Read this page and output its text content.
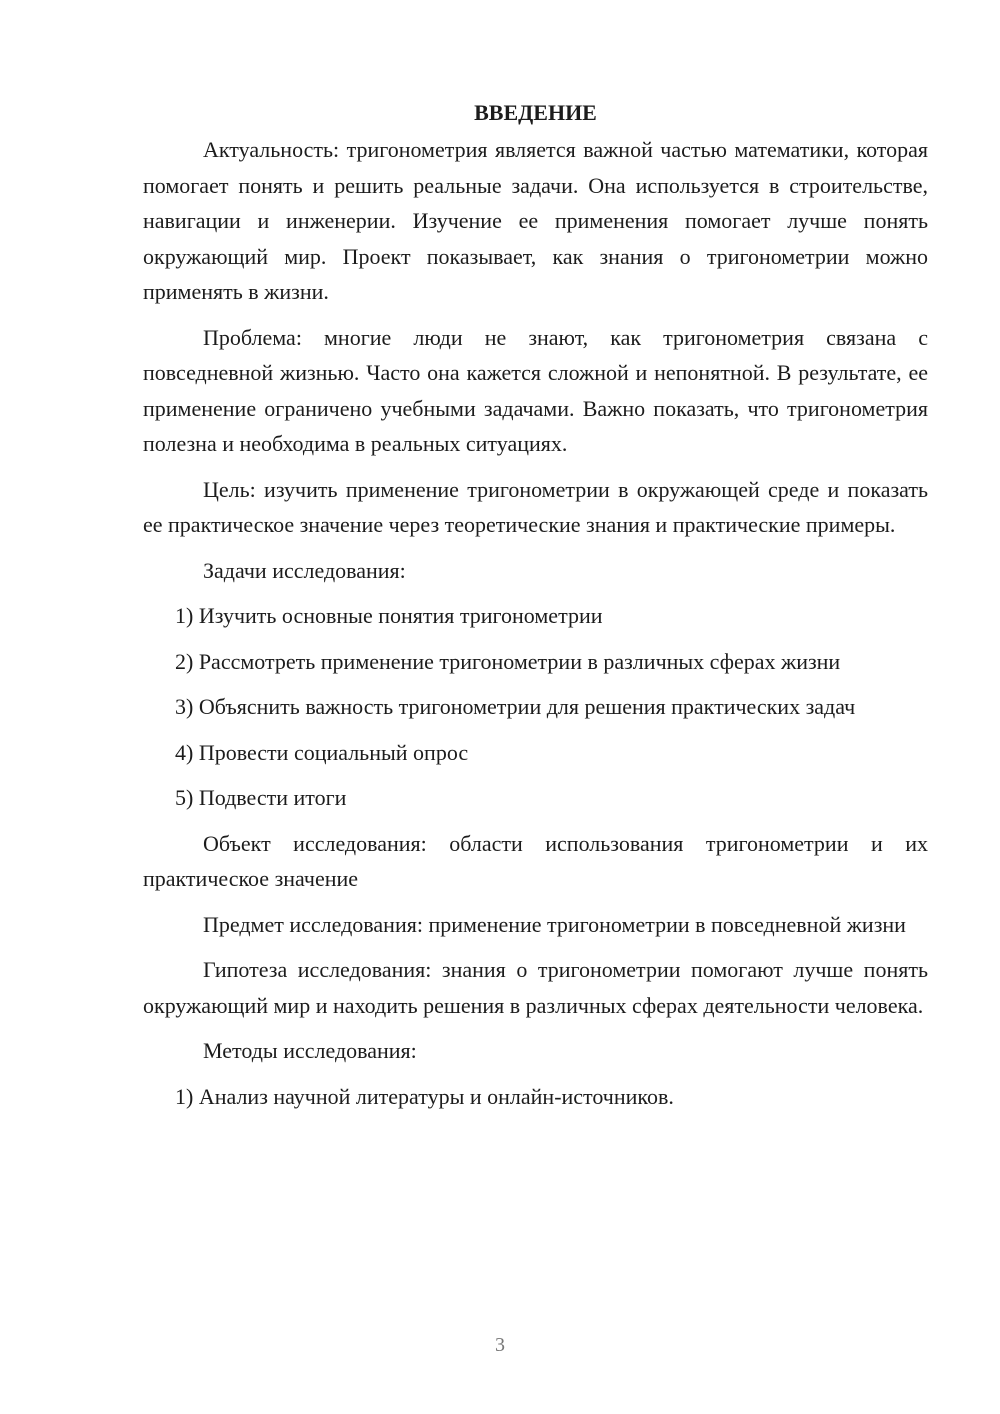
ВВЕДЕНИЕ

Актуальность: тригонометрия является важной частью математики, которая помогает понять и решить реальные задачи. Она используется в строительстве, навигации и инженерии. Изучение ее применения помогает лучше понять окружающий мир. Проект показывает, как знания о тригонометрии можно применять в жизни.

Проблема: многие люди не знают, как тригонометрия связана с повседневной жизнью. Часто она кажется сложной и непонятной. В результате, ее применение ограничено учебными задачами. Важно показать, что тригонометрия полезна и необходима в реальных ситуациях.

Цель: изучить применение тригонометрии в окружающей среде и показать ее практическое значение через теоретические знания и практические примеры.

Задачи исследования:

1) Изучить основные понятия тригонометрии

2) Рассмотреть применение тригонометрии в различных сферах жизни

3) Объяснить важность тригонометрии для решения практических задач

4) Провести социальный опрос

5) Подвести итоги

Объект исследования: области использования тригонометрии и их практическое значение

Предмет исследования: применение тригонометрии в повседневной жизни

Гипотеза исследования: знания о тригонометрии помогают лучше понять окружающий мир и находить решения в различных сферах деятельности человека.

Методы исследования:

1) Анализ научной литературы и онлайн-источников.

3
